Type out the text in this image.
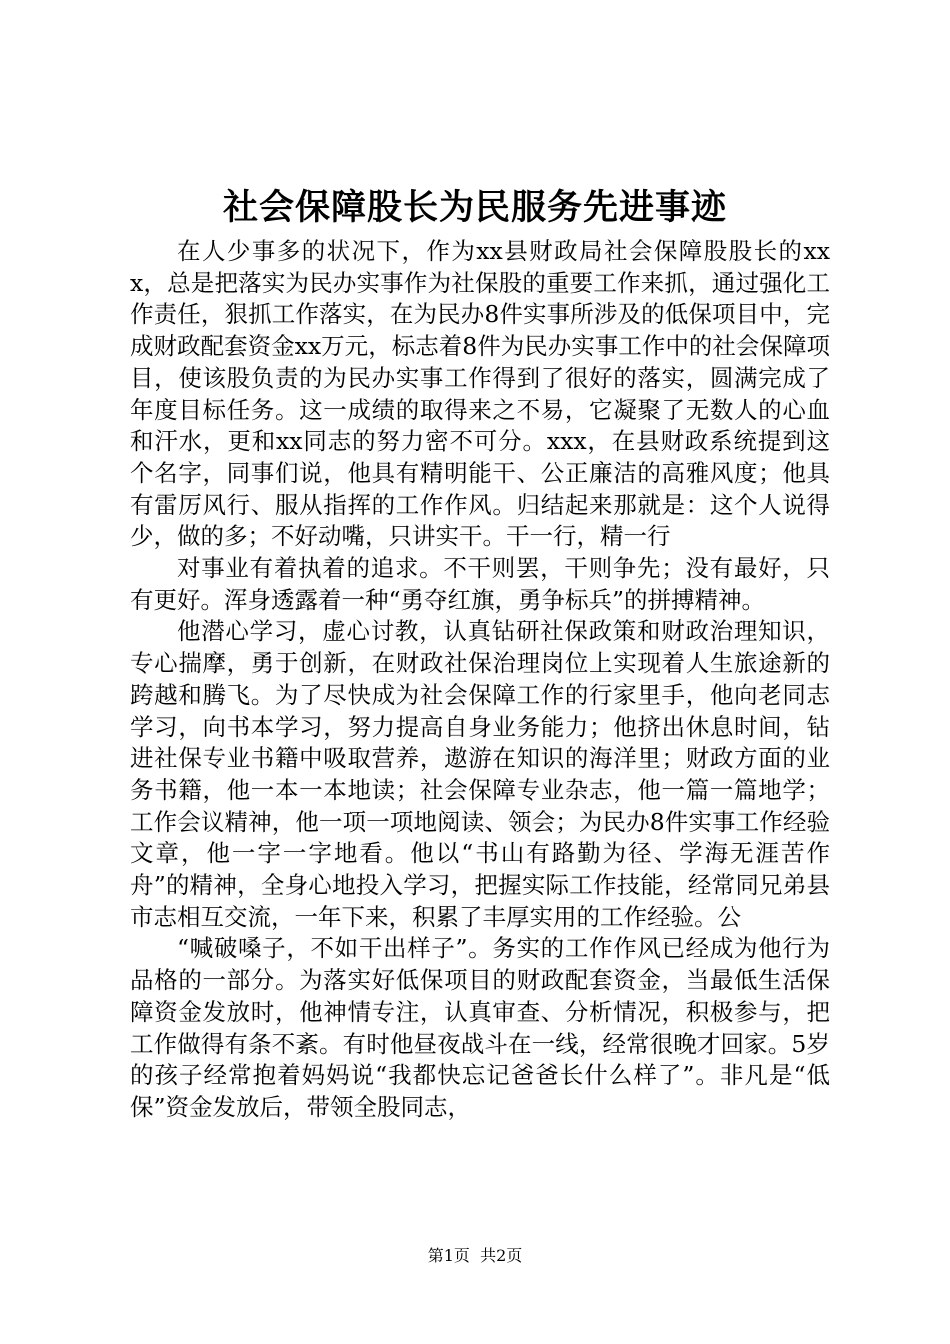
社会保障股长为民服务先进事迹

在人少事多的状况下，作为xx县财政局社会保障股股长的xxx，总是把落实为民办实事作为社保股的重要工作来抓，通过强化工作责任，狠抓工作落实，在为民办8件实事所涉及的低保项目中，完成财政配套资金xx万元，标志着8件为民办实事工作中的社会保障项目，使该股负责的为民办实事工作得到了很好的落实，圆满完成了年度目标任务。这一成绩的取得来之不易，它凝聚了无数人的心血和汗水，更和xx同志的努力密不可分。xxx，在县财政系统提到这个名字，同事们说，他具有精明能干、公正廉洁的高雅风度；他具有雷厉风行、服从指挥的工作作风。归结起来那就是：这个人说得少，做的多；不好动嘴，只讲实干。干一行，精一行

对事业有着执着的追求。不干则罢，干则争先；没有最好，只有更好。浑身透露着一种“勇夺红旗，勇争标兵”的拼搏精神。

他潜心学习，虚心讨教，认真钻研社保政策和财政治理知识，专心揣摩，勇于创新，在财政社保治理岗位上实现着人生旅途新的跨越和腾飞。为了尽快成为社会保障工作的行家里手，他向老同志学习，向书本学习，努力提高自身业务能力；他挤出休息时间，钻进社保专业书籍中吸取营养，遨游在知识的海洋里；财政方面的业务书籍，他一本一本地读；社会保障专业杂志，他一篇一篇地学；工作会议精神，他一项一项地阅读、领会；为民办8件实事工作经验文章，他一字一字地看。他以“书山有路勤为径、学海无涯苦作舟”的精神，全身心地投入学习，把握实际工作技能，经常同兄弟县市志相互交流，一年下来，积累了丰厚实用的工作经验。公

“喊破嗓子，不如干出样子”。务实的工作作风已经成为他行为品格的一部分。为落实好低保项目的财政配套资金，当最低生活保障资金发放时，他神情专注，认真审查、分析情况，积极参与，把工作做得有条不紊。有时他昼夜战斗在一线，经常很晚才回家。5岁的孩子经常抱着妈妈说“我都快忘记爸爸长什么样了”。非凡是“低保”资金发放后，带领全股同志，

第1页 共2页
